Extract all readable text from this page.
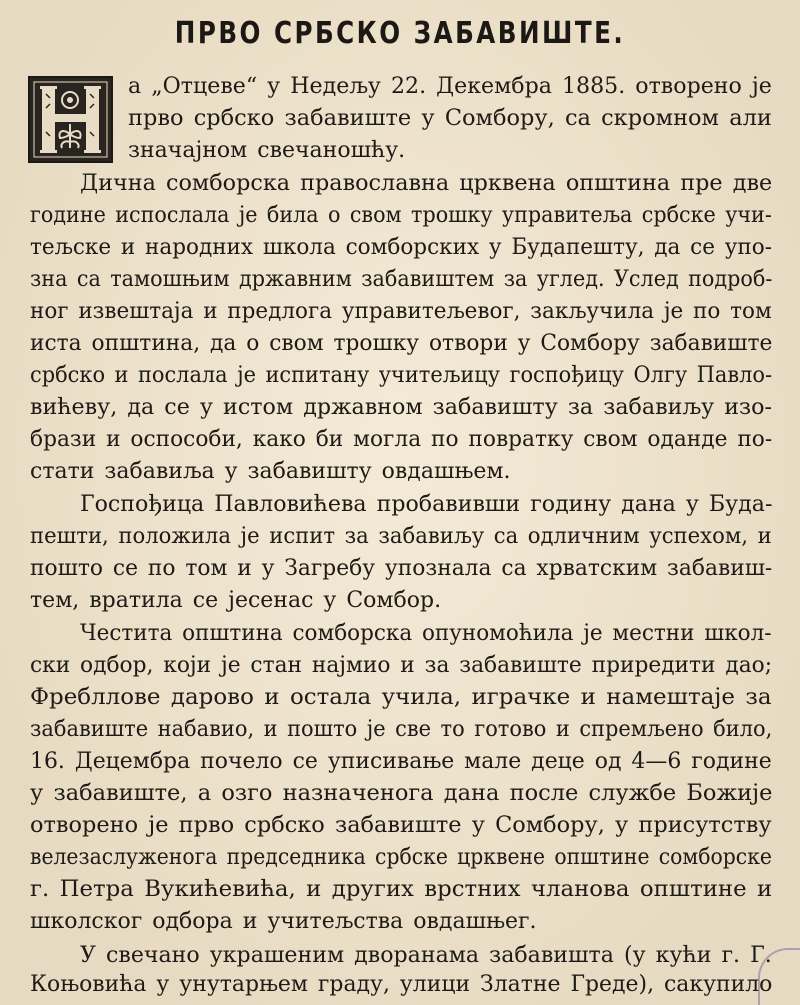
ПРВО СРБСКО ЗАБАВИШТЕ.
а „Отцеве“ у Недељу 22. Декембра 1885. отворено је
прво србско забавиште у Сомбору, са скромном али
значајном свечаношћу.
Дична сомборска православна црквена општина пре две
године испослала је била о свом трошку управитеља србске учи-
тељске и народних школа сомборских у Будапешту, да се упо-
зна са тамошњим државним забавиштем за углед. Услед подроб-
ног извештаја и предлога управитељевог, закључила је по том
иста општина, да о свом трошку отвори у Сомбору забавиште
србско и послала је испитану учитељицу госпођицу Олгу Павло-
вићеву, да се у истом државном забавишту за забавиљу изо-
брази и оспособи, како би могла по повратку свом оданде по-
стати забавиља у забавишту овдашњем.
Госпођица Павловићева пробавивши годину дана у Буда-
пешти, положила је испит за забавиљу са одличним успехом, и
пошто се по том и у Загребу упознала са хрватским забавиш-
тем, вратила се јесенас у Сомбор.
Честита општина сомборска опуномоћила је местни школ-
ски одбор, који је стан најмио и за забавиште приредити дао;
Фребллове дарово и остала учила, играчке и намештаје за
забавиште набавио, и пошто је све то готово и спремљено било,
16. Децембра почело се уписивање мале деце од 4—6 године
у забавиште, а озго назначенога дана после службе Божије
отворено је прво србско забавиште у Сомбору, у присутству
велезаслуженога председника србске црквене општине сомборске
г. Петра Вукићевића, и других врстних чланова општине и
школског одбора и учитељства овдашњег.
У свечано украшеним дворанама забавишта (у кући г. Г.
Коњовића у унутарњем граду, улици Златне Греде), сакупило
